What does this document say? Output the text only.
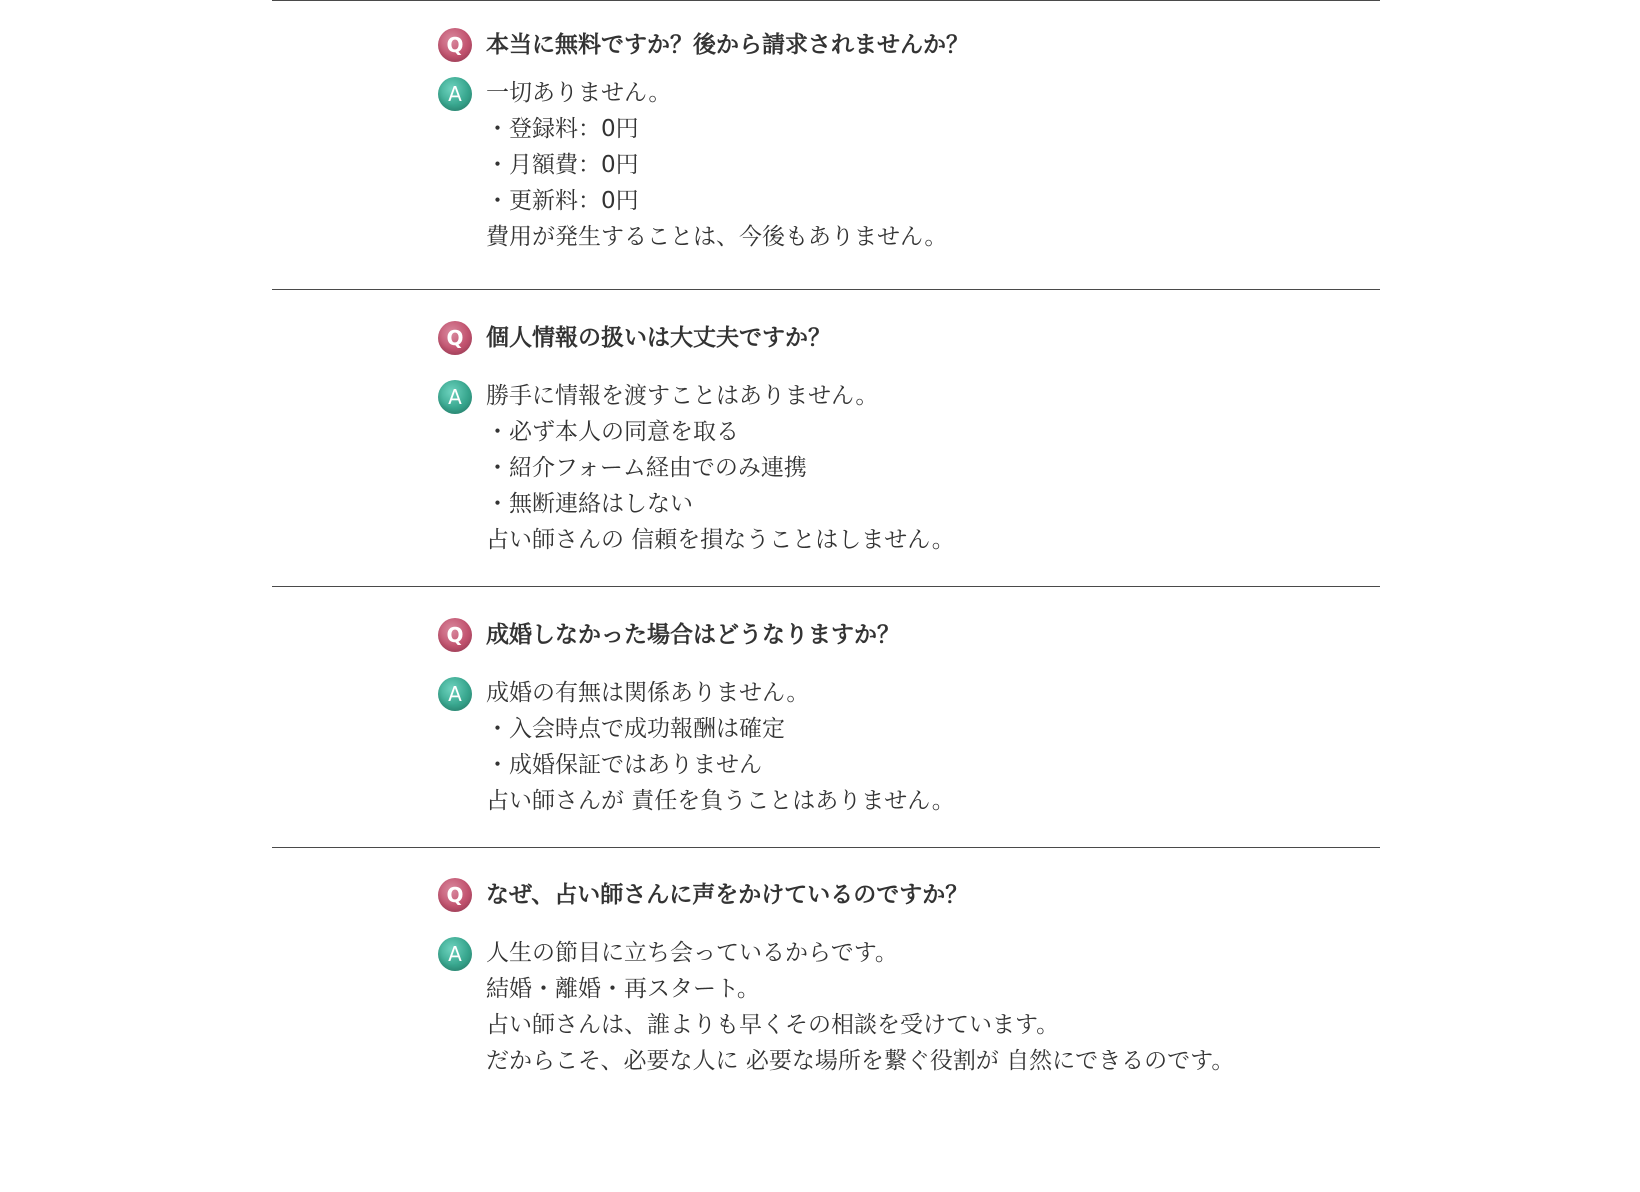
Q 本当に無料ですか？後から請求されませんか？
A	一切ありません。
・登録料：0円
・月額費：0円
・更新料：0円
費用が発生することは、今後もありません。
Q 個人情報の扱いは大丈夫ですか？
A	勝手に情報を渡すことはありません。
・必ず本人の同意を取る
・紹介フォーム経由でのみ連携
・無断連絡はしない
占い師さんの 信頼を損なうことはしません。
Q 成婚しなかった場合はどうなりますか？
A	成婚の有無は関係ありません。
・入会時点で成功報酬は確定
・成婚保証ではありません
占い師さんが 責任を負うことはありません。
Q なぜ、占い師さんに声をかけているのですか？
A	人生の節目に立ち会っているからです。
結婚・離婚・再スタート。
占い師さんは、誰よりも早くその相談を受けています。
だからこそ、必要な人に 必要な場所を繋ぐ役割が 自然にできるのです。
